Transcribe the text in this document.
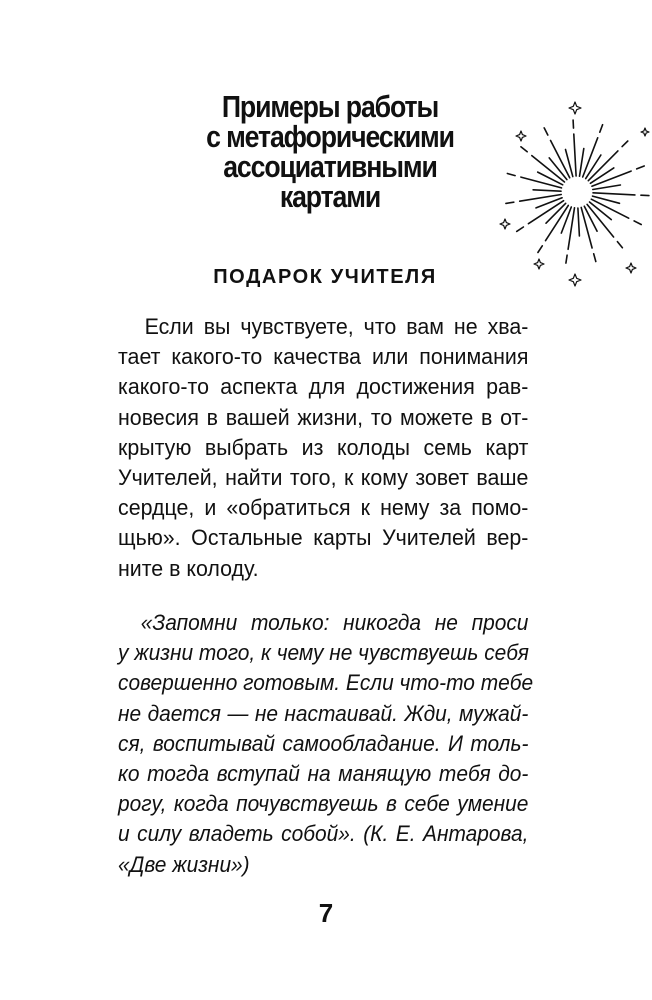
Примеры работы
с метафорическими
ассоциативными
картами
ПОДАРОК УЧИТЕЛЯ
Если вы чувствуете, что вам не хва-
тает какого-то качества или понимания
какого-то аспекта для достижения рав-
новесия в вашей жизни, то можете в от-
крытую выбрать из колоды семь карт
Учителей, найти того, к кому зовет ваше
сердце, и «обратиться к нему за помо-
щью». Остальные карты Учителей вер-
ните в колоду.
«Запомни только: никогда не проси
у жизни того, к чему не чувствуешь себя
совершенно готовым. Если что-то тебе
не дается — не настаивай. Жди, мужай-
ся, воспитывай самообладание. И толь-
ко тогда вступай на манящую тебя до-
рогу, когда почувствуешь в себе умение
и силу владеть собой». (К. Е. Антарова,
«Две жизни»)
7
